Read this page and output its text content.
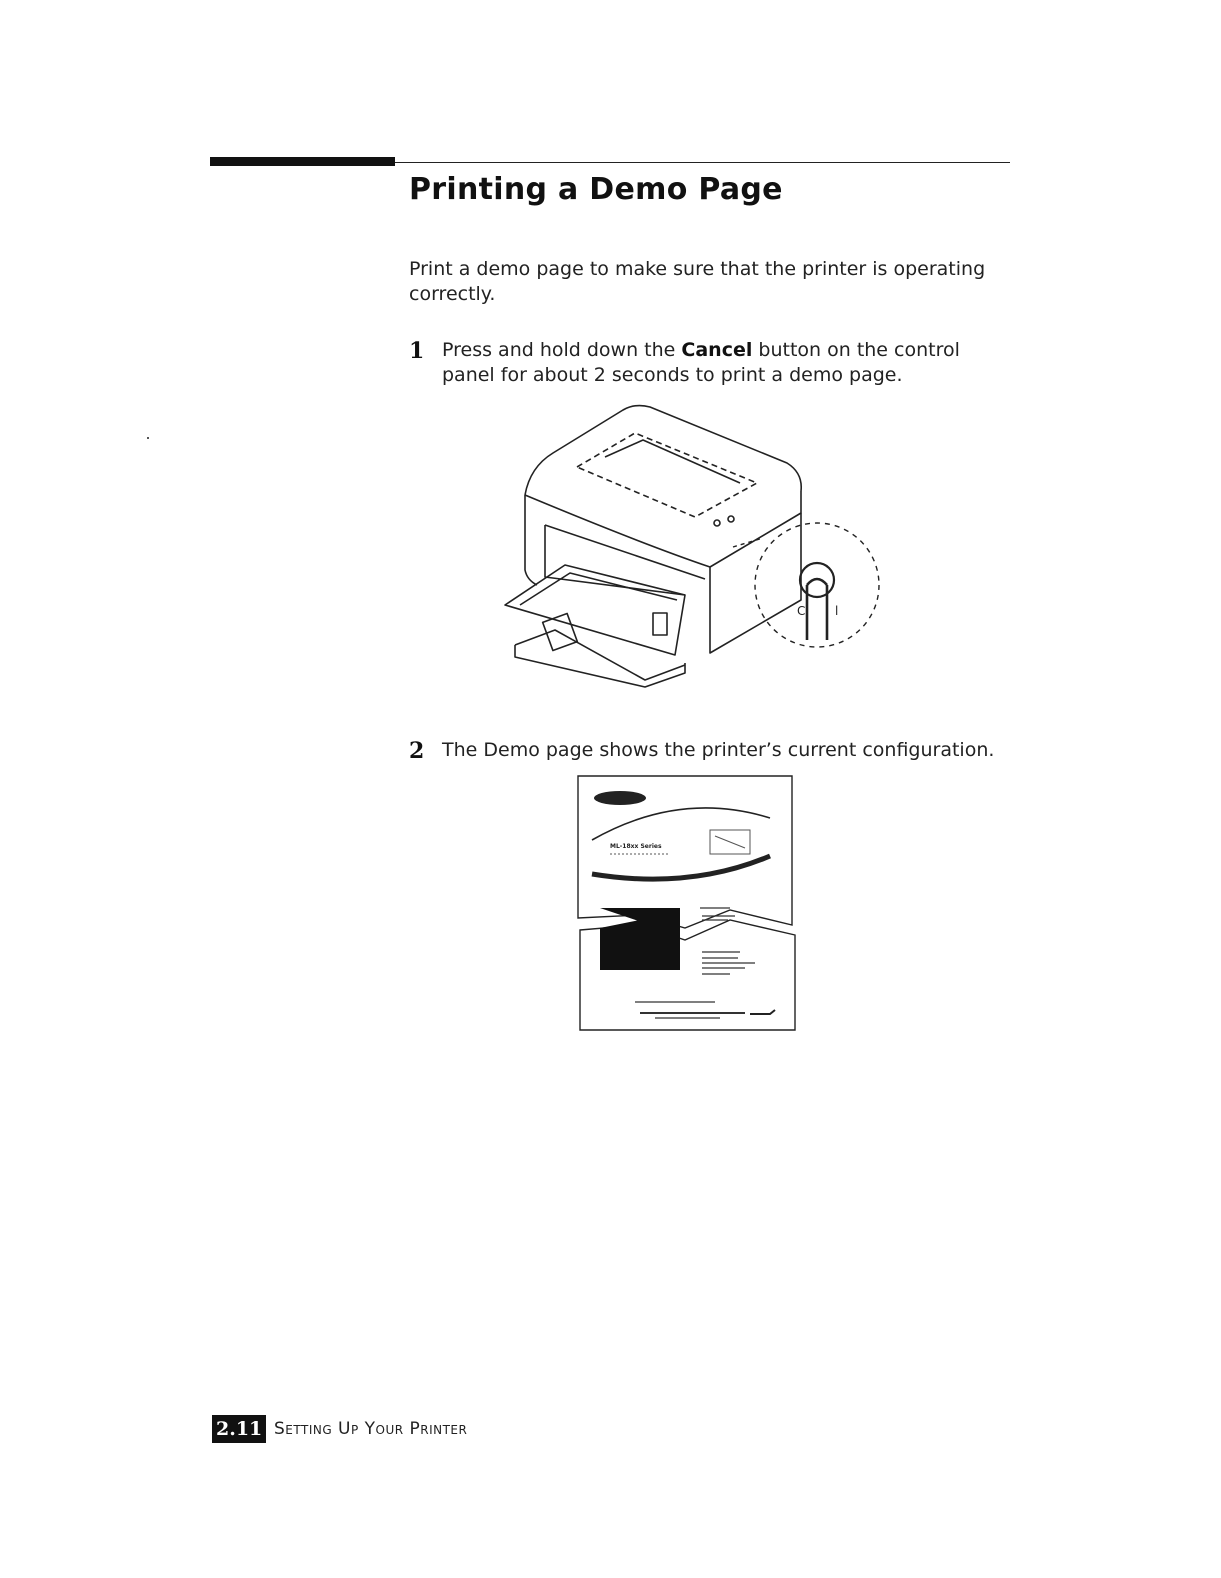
Printing a Demo Page

Print a demo page to make sure that the printer is operating correctly.

1 Press and hold down the Cancel button on the control panel for about 2 seconds to print a demo page.

C l
2 The Demo page shows the printer’s current configuration.

ML-18xx Series
2.11 Setting Up Your Printer
